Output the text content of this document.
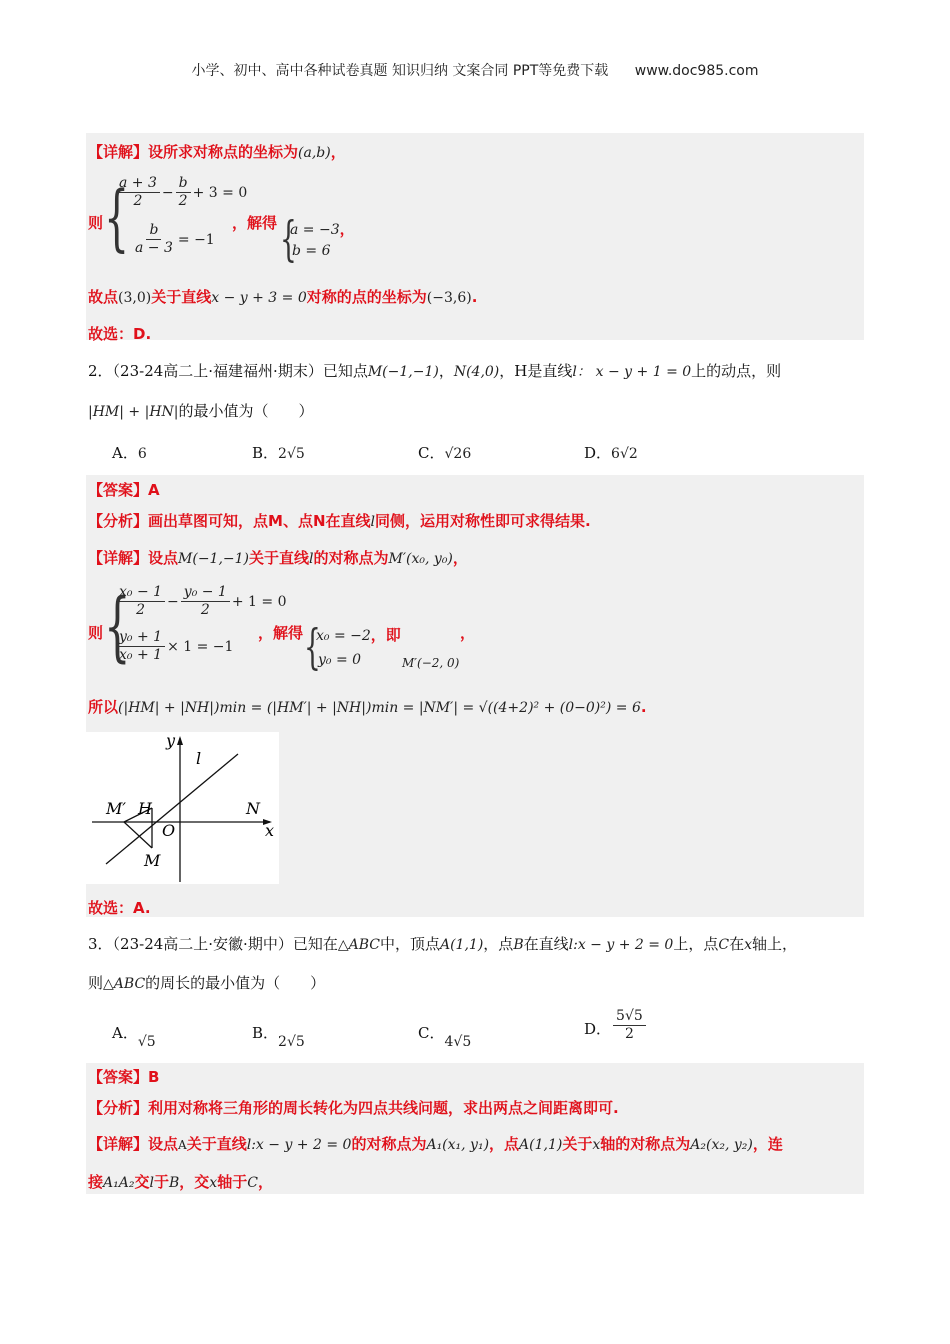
小学、初中、高中各种试卷真题 知识归纳 文案合同 PPT等免费下载 www.doc985.com
【详解】设所求对称点的坐标为(a,b)，
则 {
$\frac{a + 3}{2} - \frac{b}{2} + 3 = 0$
$\frac{b}{a - 3} = -1$
，解得 {
a = −3，
b = 6
故点(3,0)关于直线x − y + 3 = 0对称的点的坐标为(−3,6).
故选：D.
2．（23-24高二上·福建福州·期末）已知点M(−1,−1)，N(4,0)，H是直线l： x − y + 1 = 0上的动点，则
|HM| + |HN|的最小值为（　　）
A．6	B．2√5	C．√26	D．6√2
【答案】A
【分析】画出草图可知，点M、点N在直线l同侧，运用对称性即可求得结果.
【详解】设点M(−1,−1)关于直线l的对称点为M′(x₀, y₀)，
则 {
$\frac{\text{x₀ − 1}}{2} - \frac{\text{y₀ − 1}}{2} + 1 = 0$
$\frac{\text{y₀ + 1}}{\text{x₀ + 1}} \times 1 = -1$
，解得 {
x₀ = −2，即	，
y₀ = 0	M′(−2, 0)
所以(|HM| + |NH|)min = (|HM′| + |NH|)min = |NM′| = √((4+2)² + (0−0)²) = 6.
y
l
M′ H	N
O	x
M
故选：A.
3．（23-24高二上·安徽·期中）已知在△ABC中，顶点A(1,1)，点B在直线l:x − y + 2 = 0上，点C在x轴上，
则△ABC的周长的最小值为（　　）
A．√5	B．2√5	C．4√5
D． $\frac{5√5}{2}$
【答案】B
【分析】利用对称将三角形的周长转化为四点共线问题，求出两点之间距离即可.
【详解】设点A关于直线l:x − y + 2 = 0的对称点为A₁(x₁, y₁)，点A(1,1)关于x轴的对称点为A₂(x₂, y₂)，连
接A₁A₂交l于B，交x轴于C，
